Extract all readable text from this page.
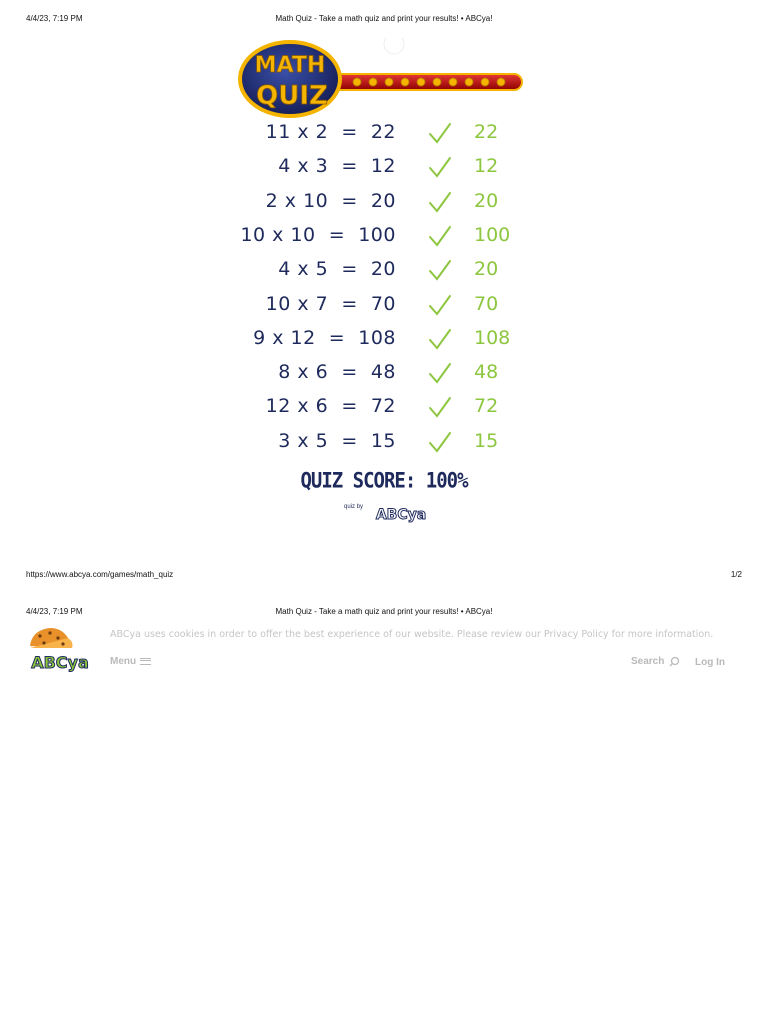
4/4/23, 7:19 PM	Math Quiz - Take a math quiz and print your results! • ABCya!
MATH
QUIZ
11 x 2  =  22	22
4 x 3  =  12	12
2 x 10  =  20	20
10 x 10  =  100	100
4 x 5  =  20	20
10 x 7  =  70	70
9 x 12  =  108	108
8 x 6  =  48	48
12 x 6  =  72	72
3 x 5  =  15	15
QUIZ SCORE: 100%
quiz by ABCya
https://www.abcya.com/games/math_quiz	1/2
4/4/23, 7:19 PM	Math Quiz - Take a math quiz and print your results! • ABCya!
ABCya
ABCya uses cookies in order to offer the best experience of our website. Please review our Privacy Policy for more information.
Menu	Search	Log In
